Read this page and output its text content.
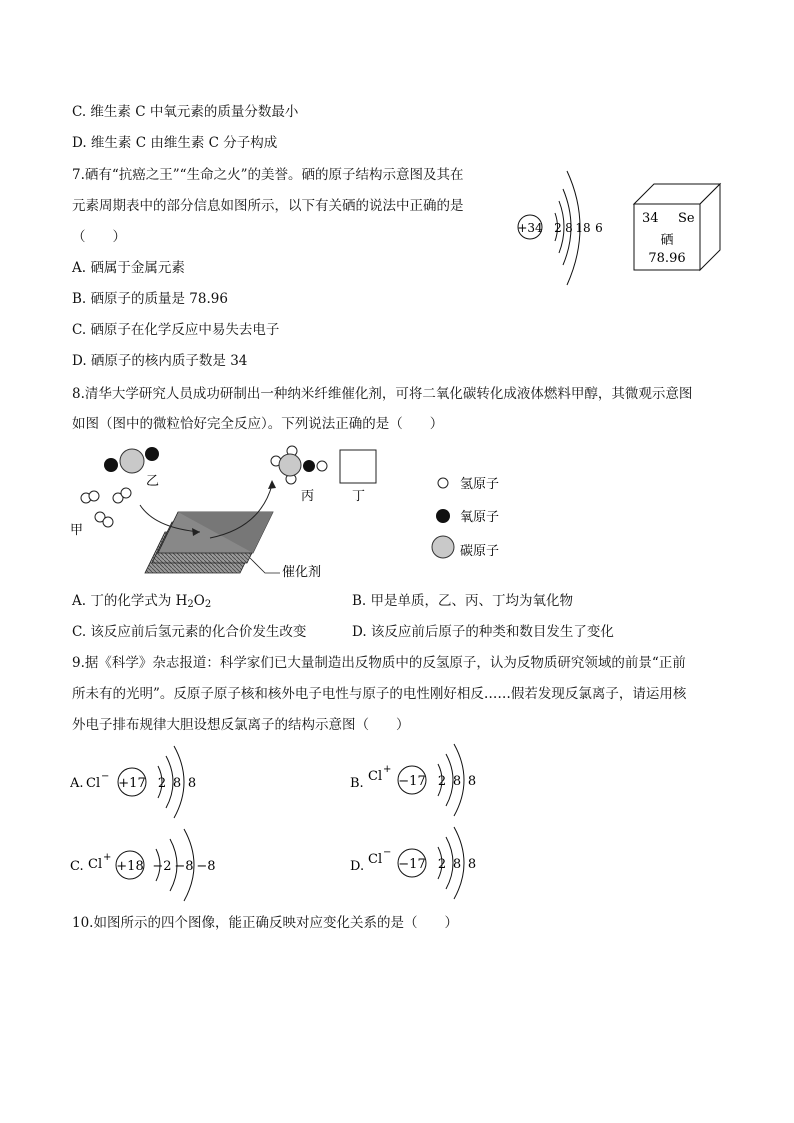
C. 维生素 C 中氧元素的质量分数最小
D. 维生素 C 由维生素 C 分子构成
7.硒有“抗癌之王”“生命之火”的美誉。硒的原子结构示意图及其在
元素周期表中的部分信息如图所示，以下有关硒的说法中正确的是
（　　）
A. 硒属于金属元素
B. 硒原子的质量是 78.96
C. 硒原子在化学反应中易失去电子
D. 硒原子的核内质子数是 34
+34 2 8 18 6
34 Se
硒
78.96
8.清华大学研究人员成功研制出一种纳米纤维催化剂，可将二氧化碳转化成液体燃料甲醇，其微观示意图
如图（图中的微粒恰好完全反应）。下列说法正确的是（　　）
乙
甲
催化剂
丙	丁
氢原子
氧原子
碳原子
A. 丁的化学式为 $H_2O_2$	B. 甲是单质，乙、丙、丁均为氧化物
C. 该反应前后氢元素的化合价发生改变	D. 该反应前后原子的种类和数目发生了变化
9.据《科学》杂志报道：科学家们已大量制造出反物质中的反氢原子，认为反物质研究领域的前景“正前
所未有的光明”。反原子原子核和核外电子电性与原子的电性刚好相反……假若发现反氯离子，请运用核
外电子排布规律大胆设想反氯离子的结构示意图（　　）
A. Cl − +17 2 8 8	B. Cl +
−17 2 8 8
C. Cl +
+18 −2 −8 −8	D. Cl −
−17 2 8 8
10.如图所示的四个图像，能正确反映对应变化关系的是（　　）
